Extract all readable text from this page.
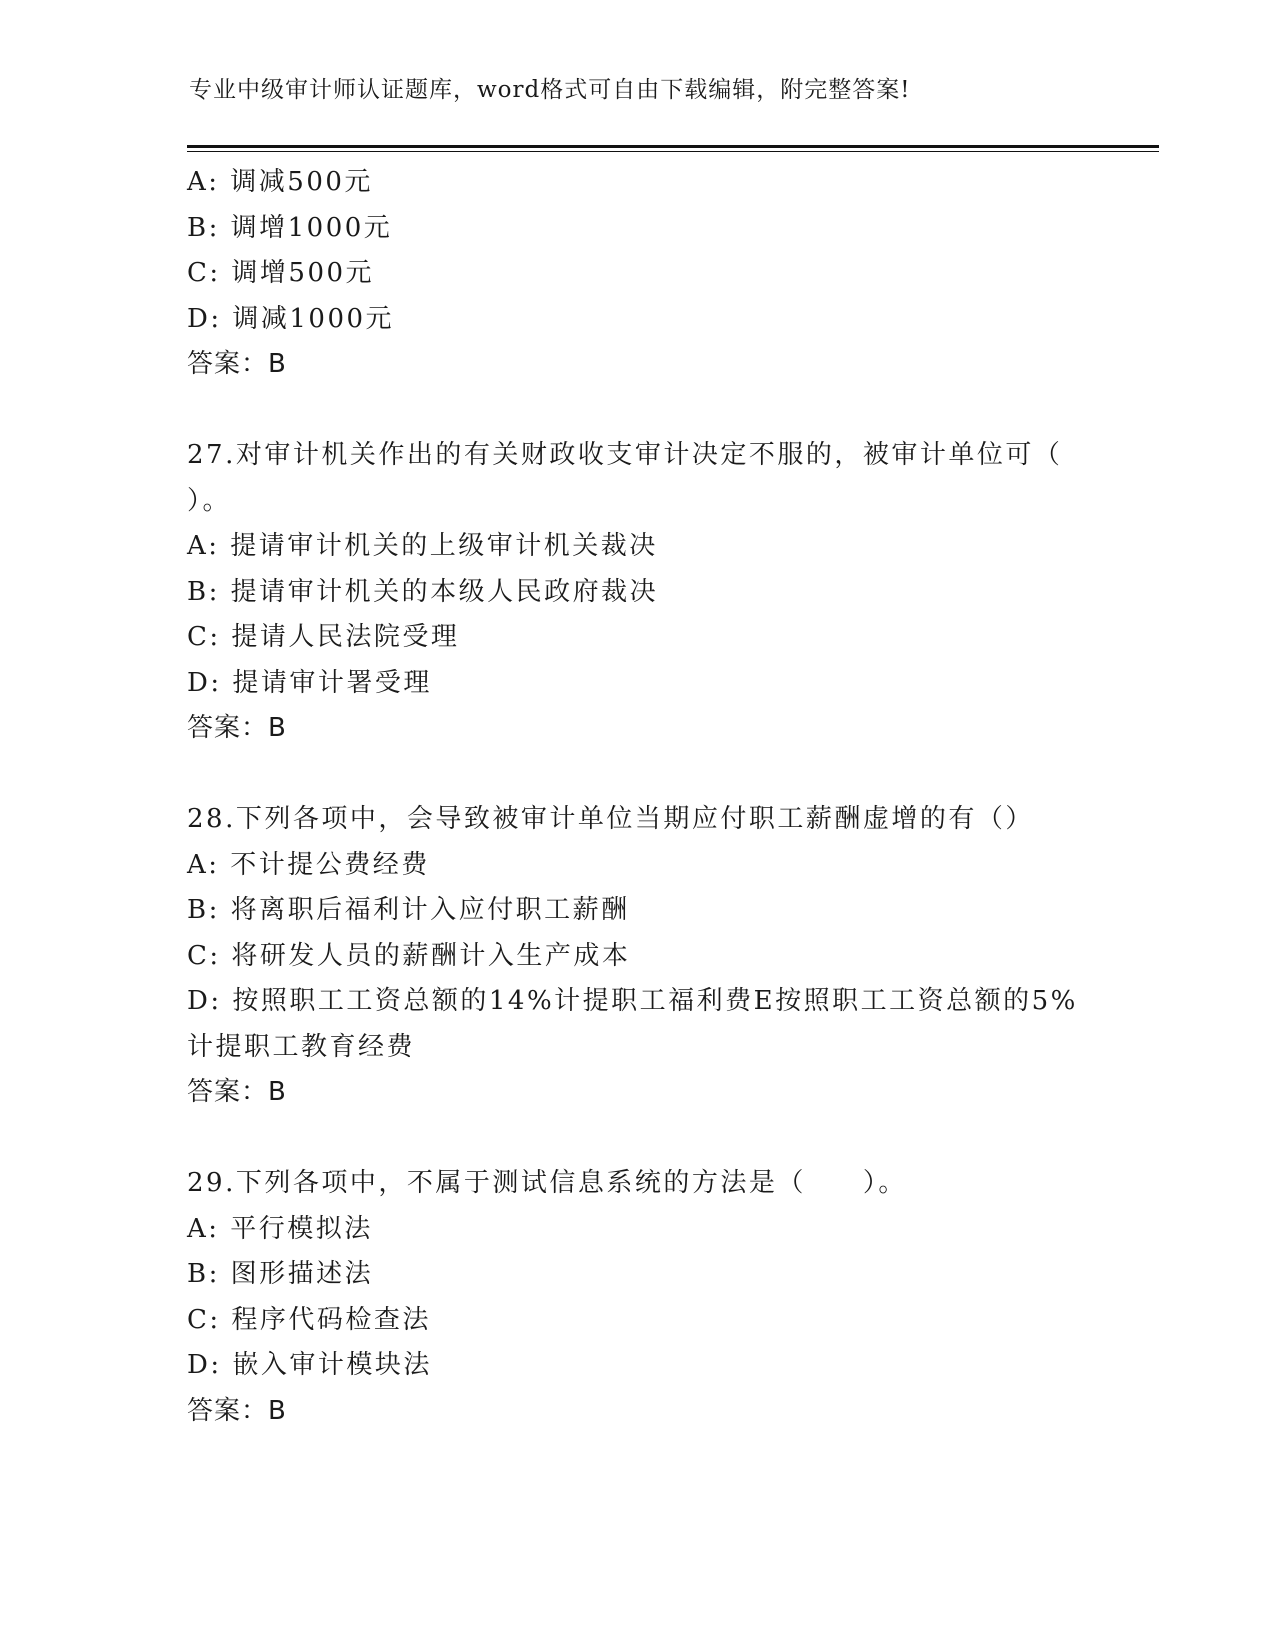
专业中级审计师认证题库，word格式可自由下载编辑，附完整答案!

A: 调减500元

B: 调增1000元

C: 调增500元

D: 调减1000元

答案：B

27.对审计机关作出的有关财政收支审计决定不服的，被审计单位可（

）。

A: 提请审计机关的上级审计机关裁决

B: 提请审计机关的本级人民政府裁决

C: 提请人民法院受理

D: 提请审计署受理

答案：B

28.下列各项中，会导致被审计单位当期应付职工薪酬虚增的有（）

A: 不计提公费经费

B: 将离职后福利计入应付职工薪酬

C: 将研发人员的薪酬计入生产成本

D: 按照职工工资总额的14%计提职工福利费E按照职工工资总额的5%

计提职工教育经费

答案：B

29.下列各项中，不属于测试信息系统的方法是（　　）。

A: 平行模拟法

B: 图形描述法

C: 程序代码检查法

D: 嵌入审计模块法

答案：B
